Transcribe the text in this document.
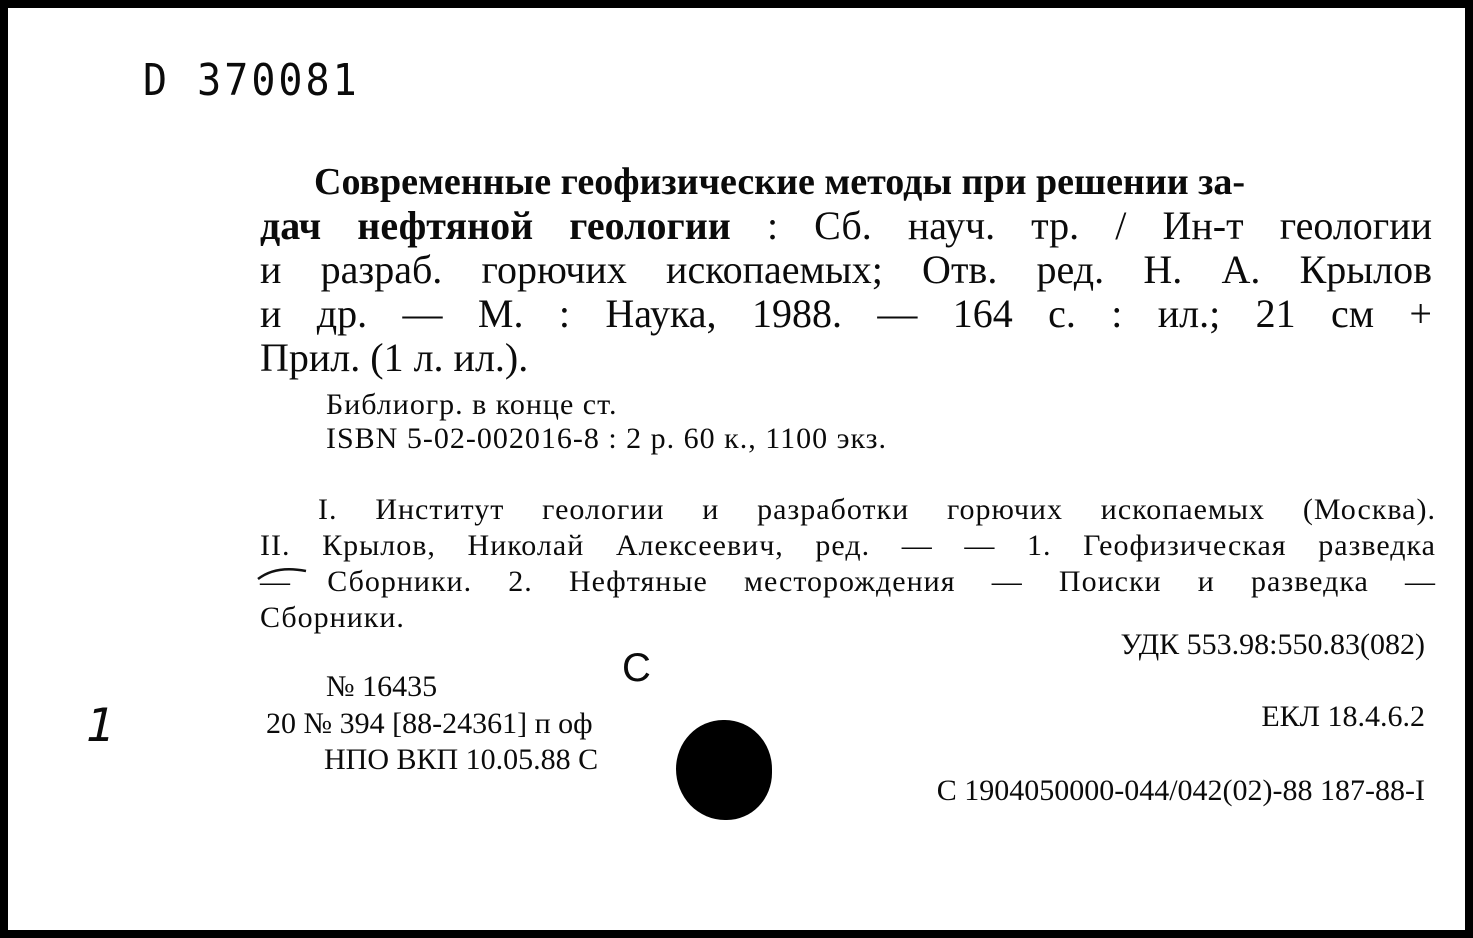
D 370081
Современные геофизические методы при решении за-
дач нефтяной геологии : Сб. науч. тр. / Ин-т геологии
и разраб. горючих ископаемых; Отв. ред. Н. А. Крылов
и др. — М. : Наука, 1988. — 164 с. : ил.; 21 см +
Прил. (1 л. ил.).
Библиогр. в конце ст.
ISBN 5-02-002016-8 : 2 р. 60 к., 1100 экз.
I. Институт геологии и разработки горючих ископаемых (Москва).
II. Крылов, Николай Алексеевич, ред. — — 1. Геофизическая разведка
— Сборники. 2. Нефтяные месторождения — Поиски и разведка —
Сборники.
УДК 553.98:550.83(082)
С
№ 16435
20 № 394 [88-24361] п оф
НПО ВКП 10.05.88 С
ЕКЛ 18.4.6.2
С 1904050000-044/042(02)-88 187-88-I
1
